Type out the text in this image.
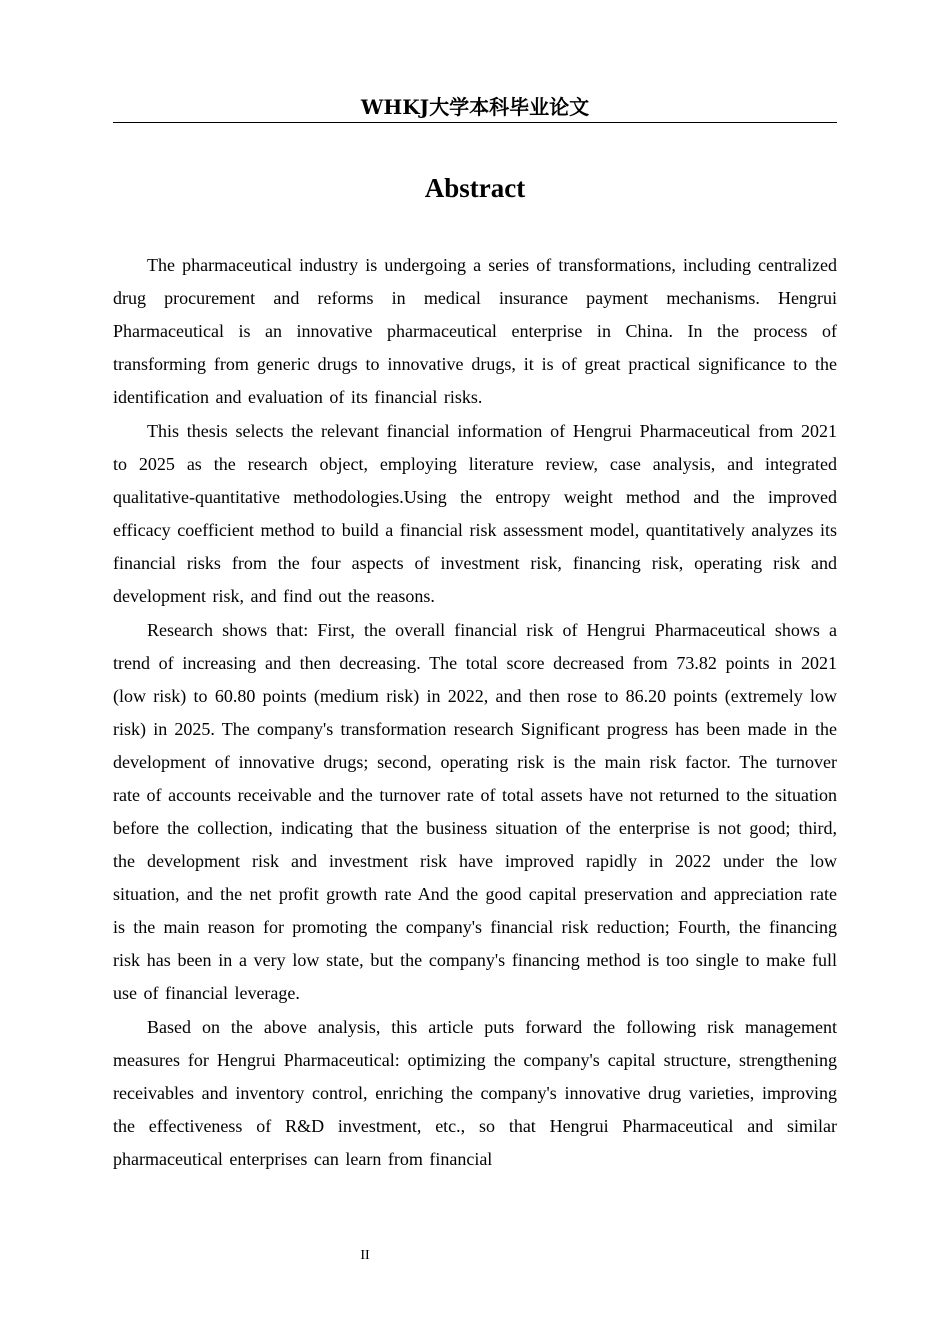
WHKJ大学本科毕业论文
Abstract

The pharmaceutical industry is undergoing a series of transformations, including centralized drug procurement and reforms in medical insurance payment mechanisms. Hengrui Pharmaceutical is an innovative pharmaceutical enterprise in China. In the process of transforming from generic drugs to innovative drugs, it is of great practical significance to the identification and evaluation of its financial risks.

This thesis selects the relevant financial information of Hengrui Pharmaceutical from 2021 to 2025 as the research object, employing literature review, case analysis, and integrated qualitative-quantitative methodologies.Using the entropy weight method and the improved efficacy coefficient method to build a financial risk assessment model, quantitatively analyzes its financial risks from the four aspects of investment risk, financing risk, operating risk and development risk, and find out the reasons.

Research shows that: First, the overall financial risk of Hengrui Pharmaceutical shows a trend of increasing and then decreasing. The total score decreased from 73.82 points in 2021 (low risk) to 60.80 points (medium risk) in 2022, and then rose to 86.20 points (extremely low risk) in 2025. The company's transformation research Significant progress has been made in the development of innovative drugs; second, operating risk is the main risk factor. The turnover rate of accounts receivable and the turnover rate of total assets have not returned to the situation before the collection, indicating that the business situation of the enterprise is not good; third, the development risk and investment risk have improved rapidly in 2022 under the low situation, and the net profit growth rate And the good capital preservation and appreciation rate is the main reason for promoting the company's financial risk reduction; Fourth, the financing risk has been in a very low state, but the company's financing method is too single to make full use of financial leverage.

Based on the above analysis, this article puts forward the following risk management measures for Hengrui Pharmaceutical: optimizing the company's capital structure, strengthening receivables and inventory control, enriching the company's innovative drug varieties, improving the effectiveness of R&D investment, etc., so that Hengrui Pharmaceutical and similar pharmaceutical enterprises can learn from financial

II
